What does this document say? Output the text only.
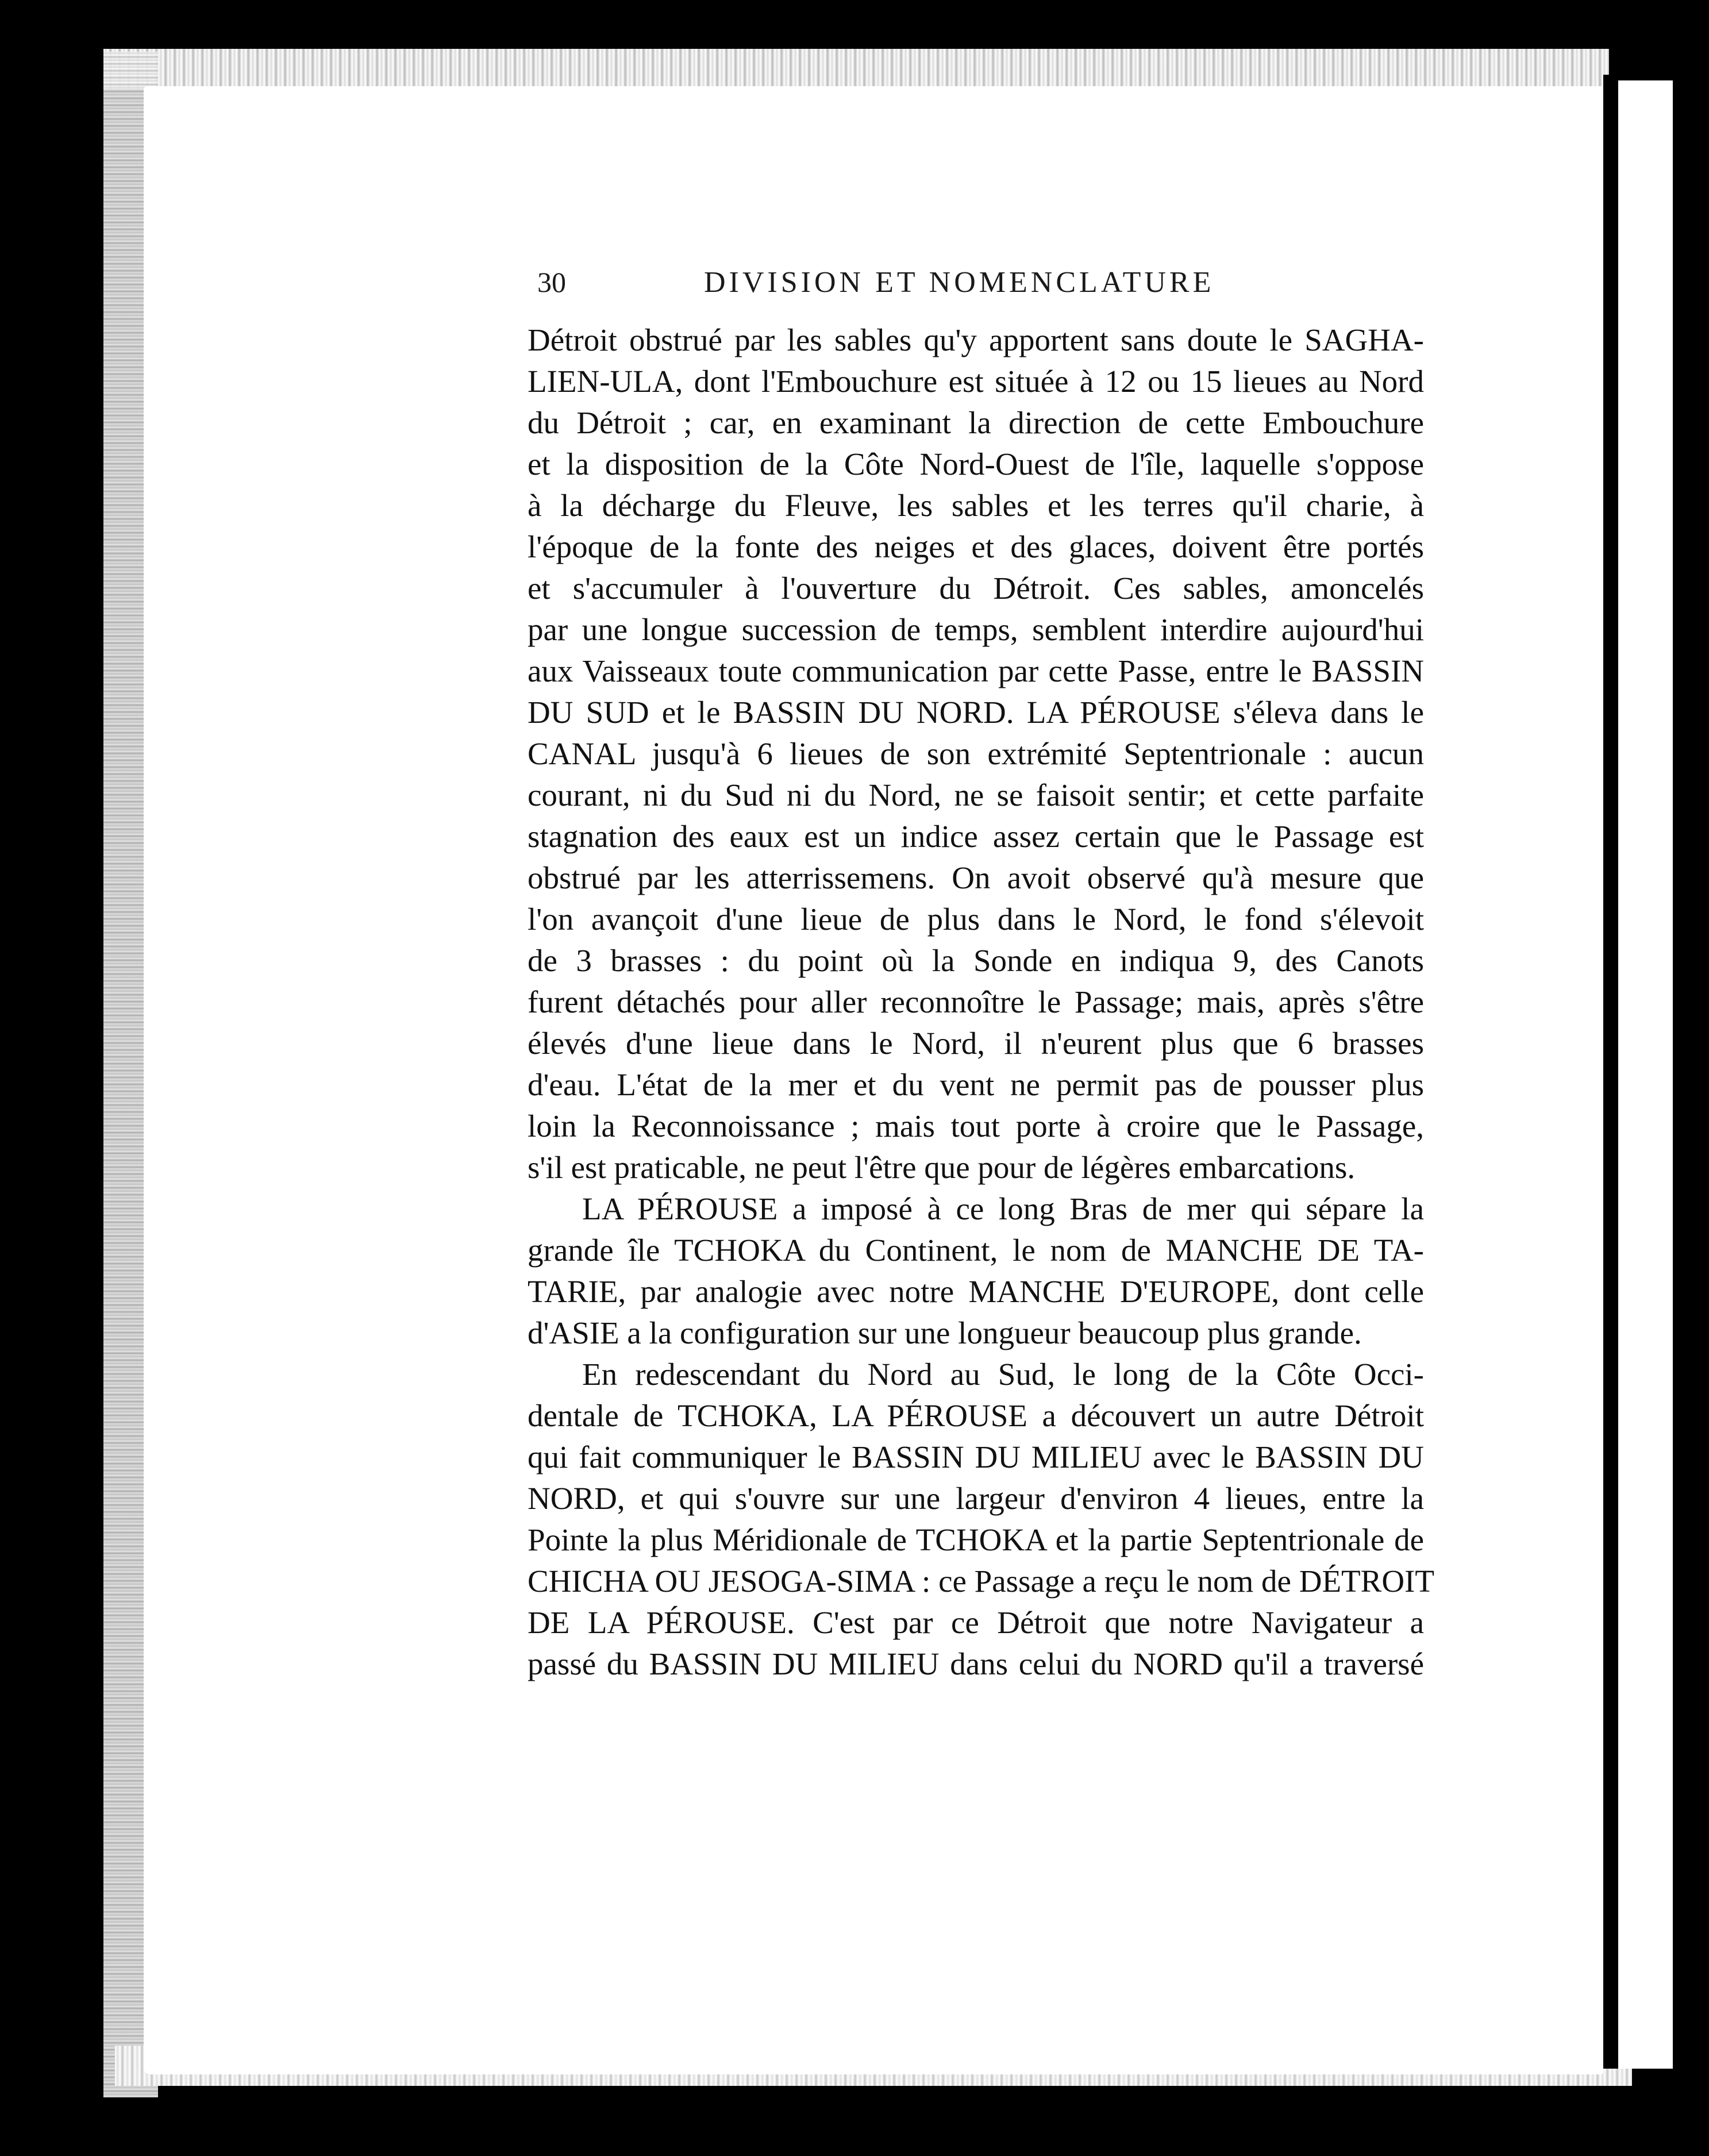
30	DIVISION ET NOMENCLATURE
Détroit obstrué par les sables qu'y apportent sans doute le SAGHA-
LIEN-ULA, dont l'Embouchure est située à 12 ou 15 lieues au Nord
du Détroit ; car, en examinant la direction de cette Embouchure
et la disposition de la Côte Nord-Ouest de l'île, laquelle s'oppose
à la décharge du Fleuve, les sables et les terres qu'il charie, à
l'époque de la fonte des neiges et des glaces, doivent être portés
et s'accumuler à l'ouverture du Détroit. Ces sables, amoncelés
par une longue succession de temps, semblent interdire aujourd'hui
aux Vaisseaux toute communication par cette Passe, entre le BASSIN
DU SUD et le BASSIN DU NORD. LA PÉROUSE s'éleva dans le
CANAL jusqu'à 6 lieues de son extrémité Septentrionale : aucun
courant, ni du Sud ni du Nord, ne se faisoit sentir; et cette parfaite
stagnation des eaux est un indice assez certain que le Passage est
obstrué par les atterrissemens. On avoit observé qu'à mesure que
l'on avançoit d'une lieue de plus dans le Nord, le fond s'élevoit
de 3 brasses : du point où la Sonde en indiqua 9, des Canots
furent détachés pour aller reconnoître le Passage; mais, après s'être
élevés d'une lieue dans le Nord, il n'eurent plus que 6 brasses
d'eau. L'état de la mer et du vent ne permit pas de pousser plus
loin la Reconnoissance ; mais tout porte à croire que le Passage,
s'il est praticable, ne peut l'être que pour de légères embarcations.
LA PÉROUSE a imposé à ce long Bras de mer qui sépare la
grande île TCHOKA du Continent, le nom de MANCHE DE TA-
TARIE, par analogie avec notre MANCHE D'EUROPE, dont celle
d'ASIE a la configuration sur une longueur beaucoup plus grande.
En redescendant du Nord au Sud, le long de la Côte Occi-
dentale de TCHOKA, LA PÉROUSE a découvert un autre Détroit
qui fait communiquer le BASSIN DU MILIEU avec le BASSIN DU
NORD, et qui s'ouvre sur une largeur d'environ 4 lieues, entre la
Pointe la plus Méridionale de TCHOKA et la partie Septentrionale de
CHICHA OU JESOGA-SIMA : ce Passage a reçu le nom de DÉTROIT
DE LA PÉROUSE. C'est par ce Détroit que notre Navigateur a
passé du BASSIN DU MILIEU dans celui du NORD qu'il a traversé
